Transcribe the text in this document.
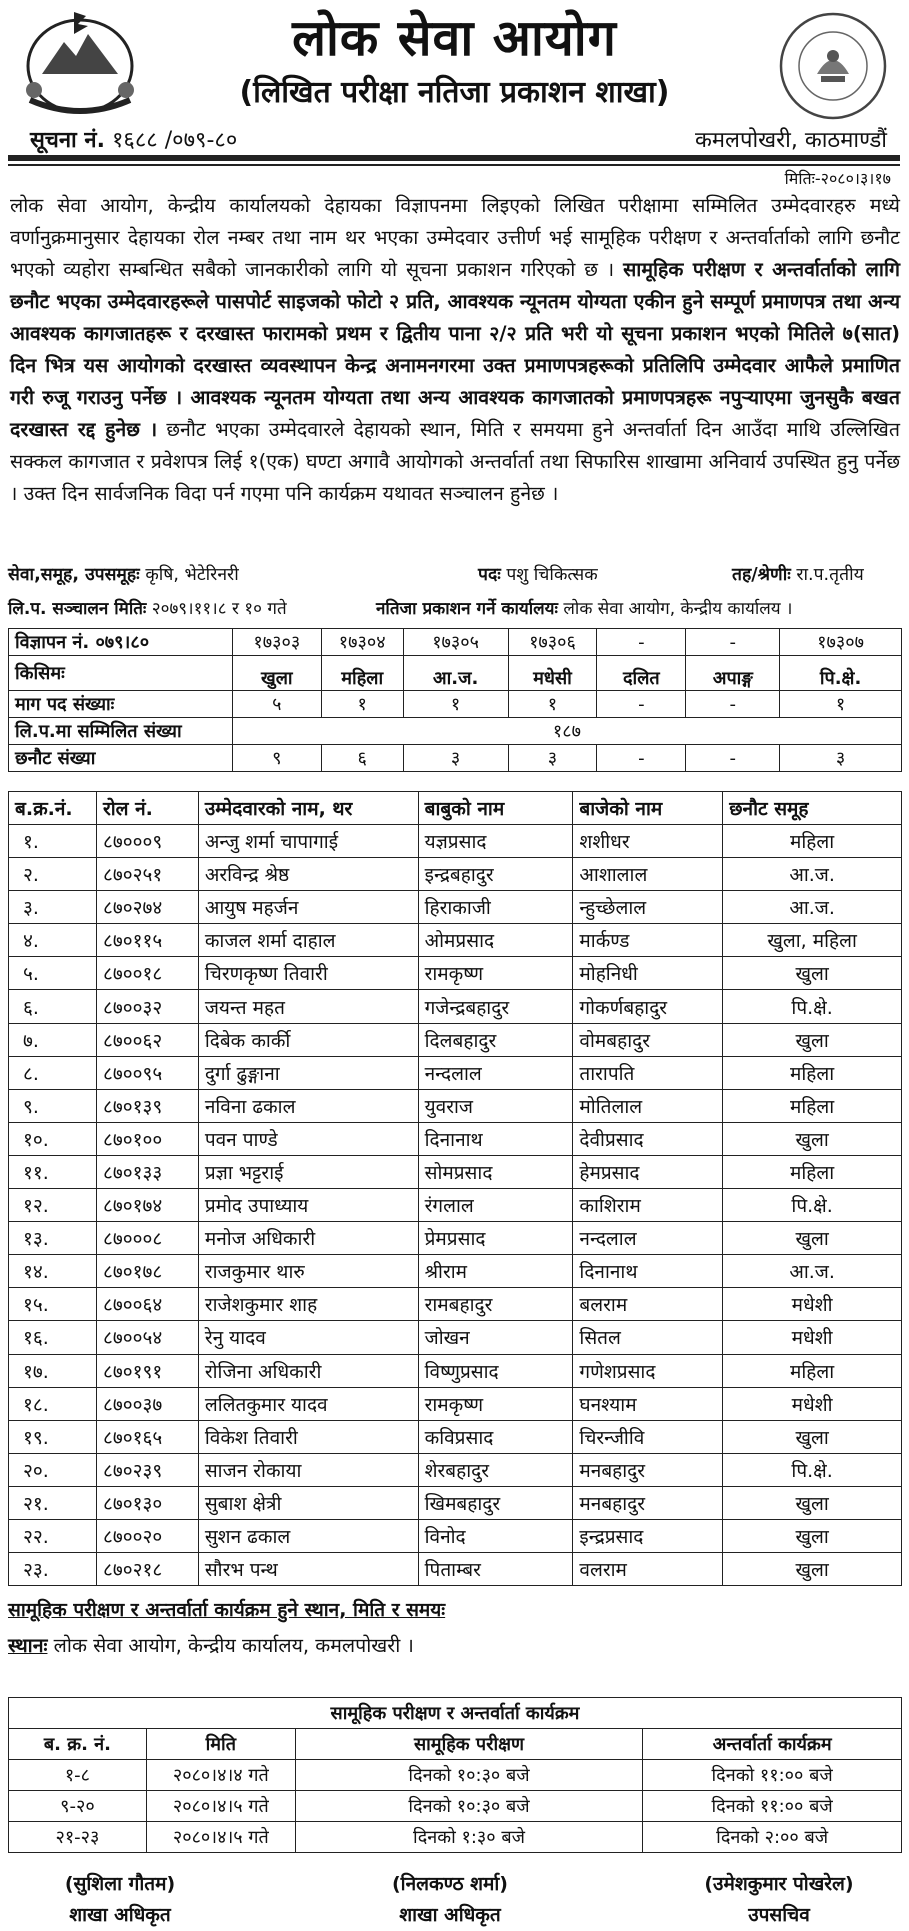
लोक सेवा आयोग
(लिखित परीक्षा नतिजा प्रकाशन शाखा)
सूचना नं. १६८८ /०७९-८०	कमलपोखरी, काठमाण्डौं
मितिः-२०८०।३।१७
लोक सेवा आयोग, केन्द्रीय कार्यालयको देहायका विज्ञापनमा लिइएको लिखित परीक्षामा सम्मिलित उम्मेदवारहरु मध्ये वर्णानुक्रमानुसार देहायका रोल नम्बर तथा नाम थर भएका उम्मेदवार उत्तीर्ण भई सामूहिक परीक्षण र अन्तर्वार्ताको लागि छनौट भएको व्यहोरा सम्बन्धित सबैको जानकारीको लागि यो सूचना प्रकाशन गरिएको छ । सामूहिक परीक्षण र अन्तर्वार्ताको लागि छनौट भएका उम्मेदवारहरूले पासपोर्ट साइजको फोटो २ प्रति, आवश्यक न्यूनतम योग्यता एकीन हुने सम्पूर्ण प्रमाणपत्र तथा अन्य आवश्यक कागजातहरू र दरखास्त फारामको प्रथम र द्वितीय पाना २/२ प्रति भरी यो सूचना प्रकाशन भएको मितिले ७(सात) दिन भित्र यस आयोगको दरखास्त व्यवस्थापन केन्द्र अनामनगरमा उक्त प्रमाणपत्रहरूको प्रतिलिपि उम्मेदवार आफैले प्रमाणित गरी रुजू गराउनु पर्नेछ । आवश्यक न्यूनतम योग्यता तथा अन्य आवश्यक कागजातको प्रमाणपत्रहरू नपुऱ्याएमा जुनसुकै बखत दरखास्त रद्द हुनेछ । छनौट भएका उम्मेदवारले देहायको स्थान, मिति र समयमा हुने अन्तर्वार्ता दिन आउँदा माथि उल्लिखित सक्कल कागजात र प्रवेशपत्र लिई १(एक) घण्टा अगावै आयोगको अन्तर्वार्ता तथा सिफारिस शाखामा अनिवार्य उपस्थित हुनु पर्नेछ । उक्त दिन सार्वजनिक विदा पर्न गएमा पनि कार्यक्रम यथावत सञ्चालन हुनेछ ।
सेवा,समूह, उपसमूहः कृषि, भेटेरिनरी	पदः पशु चिकित्सक	तह/श्रेणीः रा.प.तृतीय
लि.प. सञ्चालन मितिः २०७९।११।८ र १० गते	नतिजा प्रकाशन गर्ने कार्यालयः लोक सेवा आयोग, केन्द्रीय कार्यालय ।
विज्ञापन नं. ०७९।८०	१७३०३	१७३०४	१७३०५	१७३०६	-	-	१७३०७
किसिमः	खुला	महिला	आ.ज.	मधेसी	दलित	अपाङ्ग	पि.क्षे.
माग पद संख्याः	५	१	१	१	-	-	१
लि.प.मा सम्मिलित संख्या	१८७						
छनौट संख्या	९	६	३	३	-	-	३
ब.क्र.नं.	रोल नं.	उम्मेदवारको नाम, थर	बाबुको नाम	बाजेको नाम	छनौट समूह
१.	८७०००९	अन्जु शर्मा चापागाई	यज्ञप्रसाद	शशीधर	महिला
२.	८७०२५१	अरविन्द्र श्रेष्ठ	इन्द्रबहादुर	आशालाल	आ.ज.
३.	८७०२७४	आयुष महर्जन	हिराकाजी	न्हुच्छेलाल	आ.ज.
४.	८७०११५	काजल शर्मा दाहाल	ओमप्रसाद	मार्कण्ड	खुला, महिला
५.	८७००१८	चिरणकृष्ण तिवारी	रामकृष्ण	मोहनिधी	खुला
६.	८७००३२	जयन्त महत	गजेन्द्रबहादुर	गोकर्णबहादुर	पि.क्षे.
७.	८७००६२	दिबेक कार्की	दिलबहादुर	वोमबहादुर	खुला
८.	८७००९५	दुर्गा ढुङ्गाना	नन्दलाल	तारापति	महिला
९.	८७०१३९	नविना ढकाल	युवराज	मोतिलाल	महिला
१०.	८७०१००	पवन पाण्डे	दिनानाथ	देवीप्रसाद	खुला
११.	८७०१३३	प्रज्ञा भट्टराई	सोमप्रसाद	हेमप्रसाद	महिला
१२.	८७०१७४	प्रमोद उपाध्याय	रंगलाल	काशिराम	पि.क्षे.
१३.	८७०००८	मनोज अधिकारी	प्रेमप्रसाद	नन्दलाल	खुला
१४.	८७०१७८	राजकुमार थारु	श्रीराम	दिनानाथ	आ.ज.
१५.	८७००६४	राजेशकुमार शाह	रामबहादुर	बलराम	मधेशी
१६.	८७००५४	रेनु यादव	जोखन	सितल	मधेशी
१७.	८७०१९१	रोजिना अधिकारी	विष्णुप्रसाद	गणेशप्रसाद	महिला
१८.	८७००३७	ललितकुमार यादव	रामकृष्ण	घनश्याम	मधेशी
१९.	८७०१६५	विकेश तिवारी	कविप्रसाद	चिरन्जीवि	खुला
२०.	८७०२३९	साजन रोकाया	शेरबहादुर	मनबहादुर	पि.क्षे.
२१.	८७०१३०	सुबाश क्षेत्री	खिमबहादुर	मनबहादुर	खुला
२२.	८७००२०	सुशन ढकाल	विनोद	इन्द्रप्रसाद	खुला
२३.	८७०२१८	सौरभ पन्थ	पिताम्बर	वलराम	खुला
सामूहिक परीक्षण र अन्तर्वार्ता कार्यक्रम हुने स्थान, मिति र समयः
स्थानः लोक सेवा आयोग, केन्द्रीय कार्यालय, कमलपोखरी ।
सामूहिक परीक्षण र अन्तर्वार्ता कार्यक्रम			
ब. क्र. नं.	मिति	सामूहिक परीक्षण	अन्तर्वार्ता कार्यक्रम
१-८	२०८०।४।४ गते	दिनको १०:३० बजे	दिनको ११:०० बजे
९-२०	२०८०।४।५ गते	दिनको १०:३० बजे	दिनको ११:०० बजे
२१-२३	२०८०।४।५ गते	दिनको १:३० बजे	दिनको २:०० बजे
(सुशिला गौतम)
शाखा अधिकृत
(निलकण्ठ शर्मा)
शाखा अधिकृत
(उमेशकुमार पोखरेल)
उपसचिव
